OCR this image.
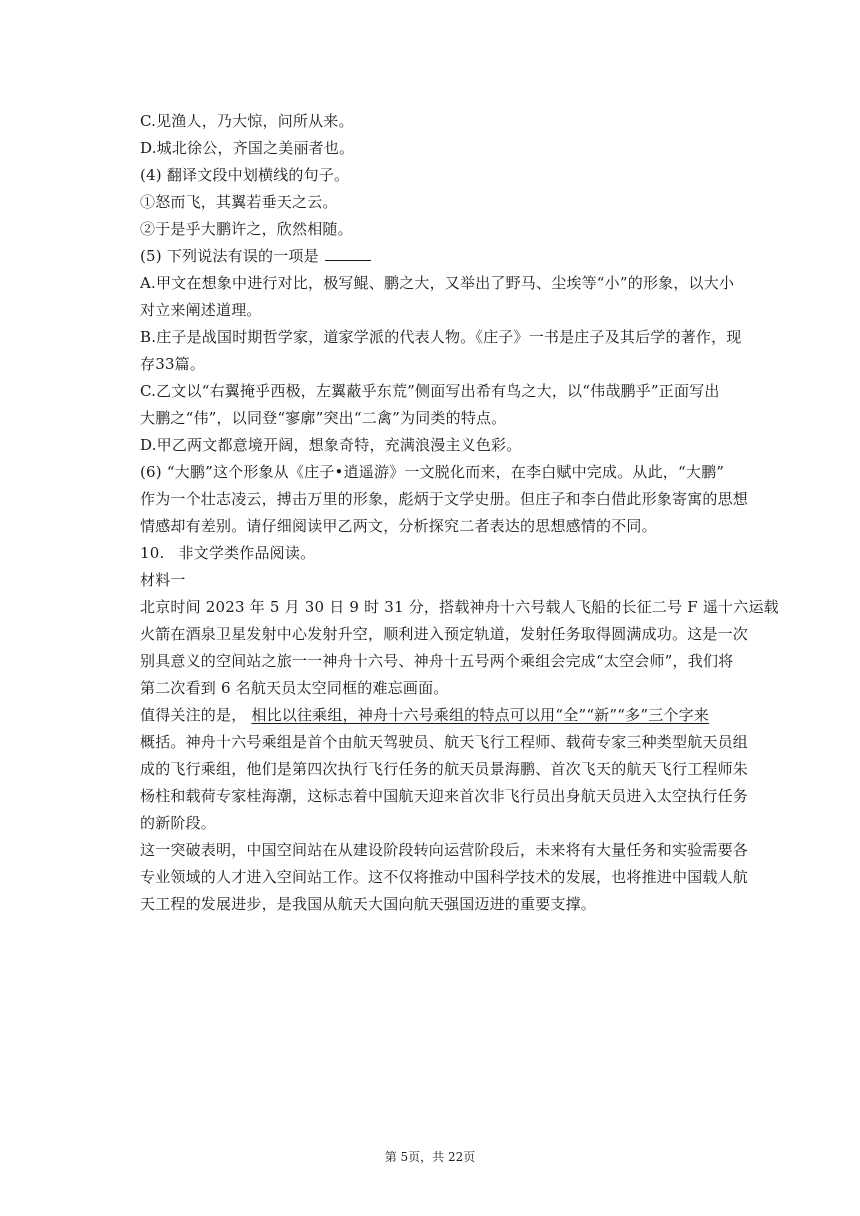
C.见渔人，乃大惊，问所从来。
D.城北徐公，齐国之美丽者也。
(4) 翻译文段中划横线的句子。
①怒而飞，其翼若垂天之云。
②于是乎大鹏许之，欣然相随。
(5) 下列说法有误的一项是
A.甲文在想象中进行对比，极写鲲、鹏之大，又举出了野马、尘埃等“小”的形象，以大小
对立来阐述道理。
B.庄子是战国时期哲学家，道家学派的代表人物。《庄子》一书是庄子及其后学的著作，现
存33篇。
C.乙文以“右翼掩乎西极，左翼蔽乎东荒”侧面写出希有鸟之大，以“伟哉鹏乎”正面写出
大鹏之“伟”，以同登“寥廓”突出“二禽”为同类的特点。
D.甲乙两文都意境开阔，想象奇特，充满浪漫主义色彩。
(6) “大鹏”这个形象从《庄子•逍遥游》一文脱化而来，在李白赋中完成。从此，“大鹏”
作为一个壮志凌云，搏击万里的形象，彪炳于文学史册。但庄子和李白借此形象寄寓的思想
情感却有差别。请仔细阅读甲乙两文，分析探究二者表达的思想感情的不同。
10. 非文学类作品阅读。
材料一
北京时间 2023 年 5 月 30 日 9 时 31 分，搭载神舟十六号载人飞船的长征二号 F 遥十六运载
火箭在酒泉卫星发射中心发射升空，顺利进入预定轨道，发射任务取得圆满成功。这是一次
别具意义的空间站之旅一一神舟十六号、神舟十五号两个乘组会完成“太空会师”，我们将
第二次看到 6 名航天员太空同框的难忘画面。
值得关注的是， 相比以往乘组，神舟十六号乘组的特点可以用“全”“新”“多”三个字来
概括。神舟十六号乘组是首个由航天驾驶员、航天飞行工程师、载荷专家三种类型航天员组
成的飞行乘组，他们是第四次执行飞行任务的航天员景海鹏、首次飞天的航天飞行工程师朱
杨柱和载荷专家桂海潮，这标志着中国航天迎来首次非飞行员出身航天员进入太空执行任务
的新阶段。
这一突破表明，中国空间站在从建设阶段转向运营阶段后，未来将有大量任务和实验需要各
专业领域的人才进入空间站工作。这不仅将推动中国科学技术的发展，也将推进中国载人航
天工程的发展进步，是我国从航天大国向航天强国迈进的重要支撑。
第 5页，共 22页
